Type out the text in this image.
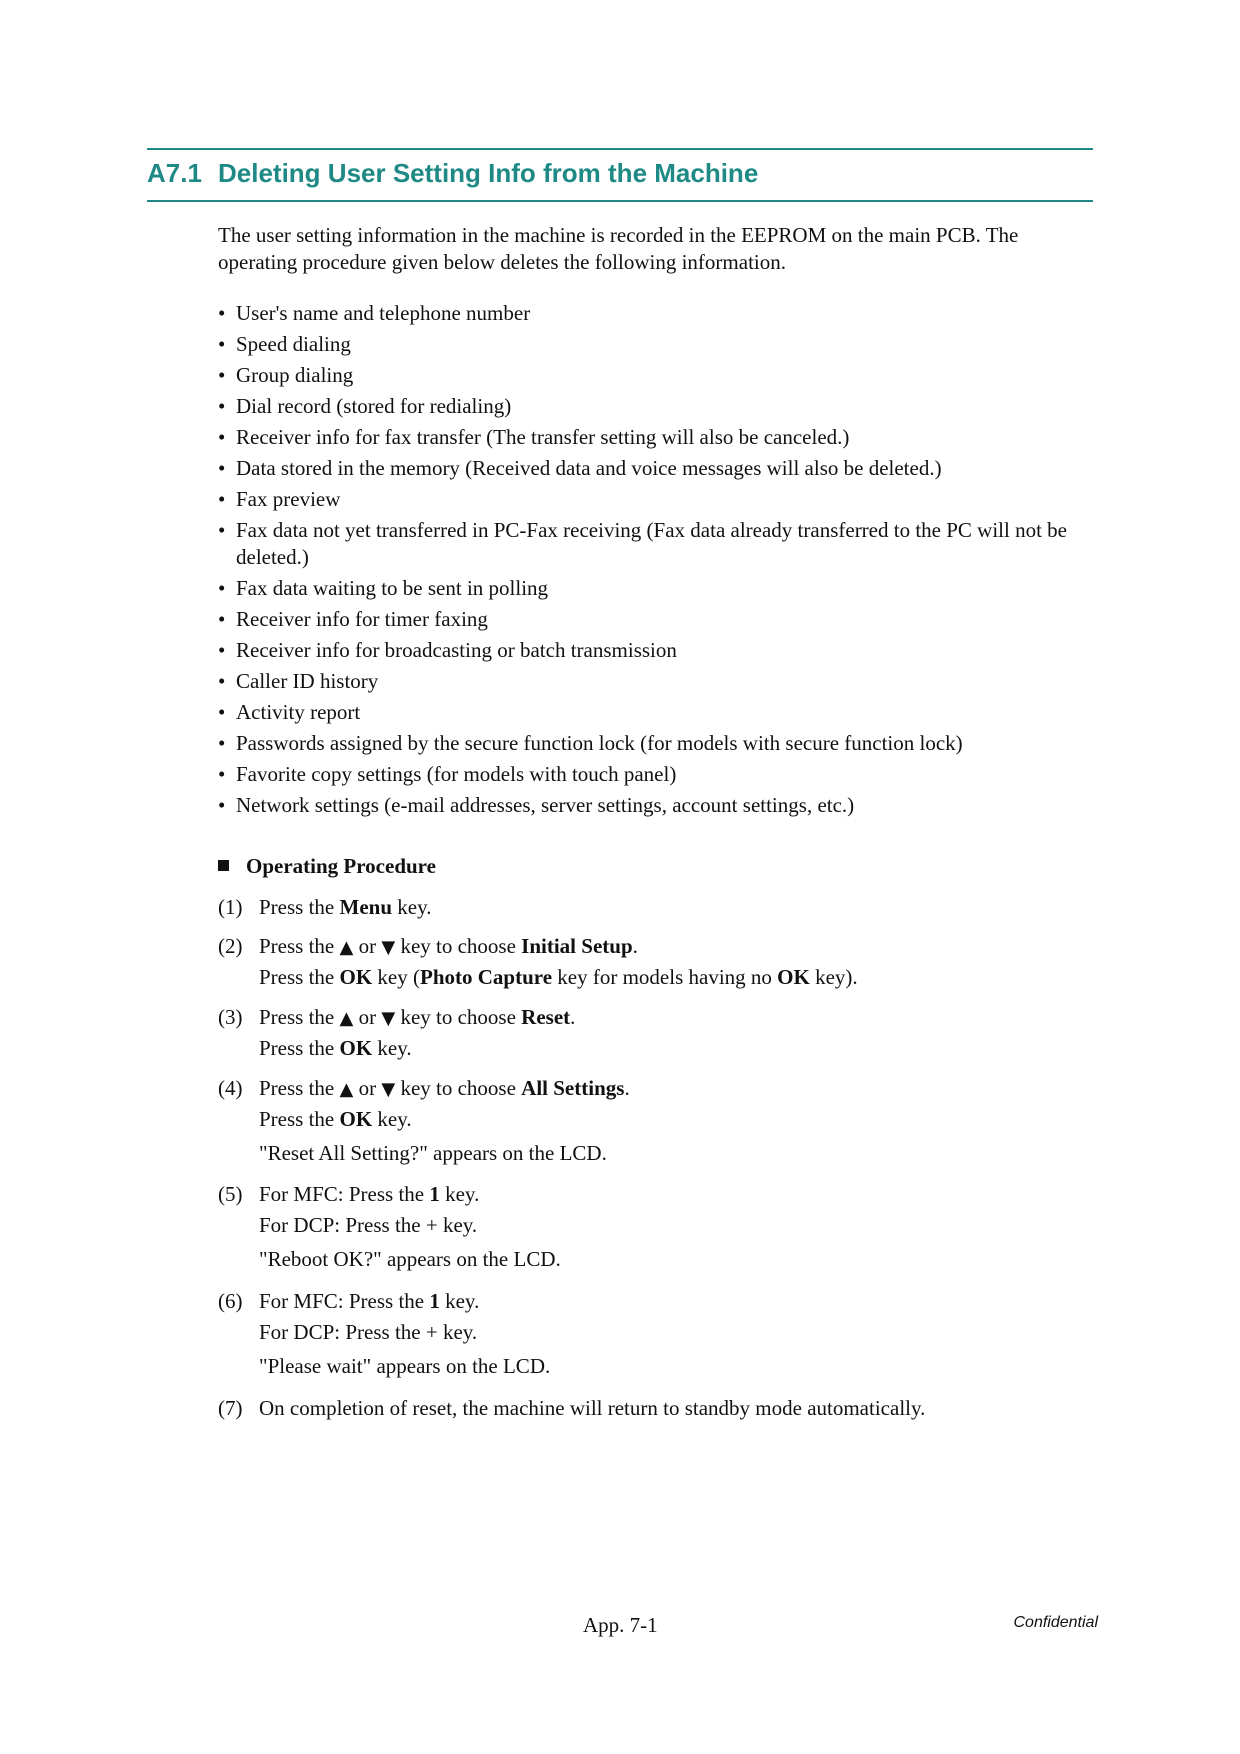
A7.1 Deleting User Setting Info from the Machine
The user setting information in the machine is recorded in the EEPROM on the main PCB. The operating procedure given below deletes the following information.
• User's name and telephone number
• Speed dialing
• Group dialing
• Dial record (stored for redialing)
• Receiver info for fax transfer (The transfer setting will also be canceled.)
• Data stored in the memory (Received data and voice messages will also be deleted.)
• Fax preview
• Fax data not yet transferred in PC-Fax receiving (Fax data already transferred to the PC will not be deleted.)
• Fax data waiting to be sent in polling
• Receiver info for timer faxing
• Receiver info for broadcasting or batch transmission
• Caller ID history
• Activity report
• Passwords assigned by the secure function lock (for models with secure function lock)
• Favorite copy settings (for models with touch panel)
• Network settings (e-mail addresses, server settings, account settings, etc.)
Operating Procedure
(1) Press the Menu key.
(2) Press the ▲ or ▼ key to choose Initial Setup.
Press the OK key (Photo Capture key for models having no OK key).
(3) Press the ▲ or ▼ key to choose Reset.
Press the OK key.
(4) Press the ▲ or ▼ key to choose All Settings.
Press the OK key.
"Reset All Setting?" appears on the LCD.
(5) For MFC: Press the 1 key.
For DCP: Press the + key.
"Reboot OK?" appears on the LCD.
(6) For MFC: Press the 1 key.
For DCP: Press the + key.
"Please wait" appears on the LCD.
(7) On completion of reset, the machine will return to standby mode automatically.
App. 7-1	Confidential
